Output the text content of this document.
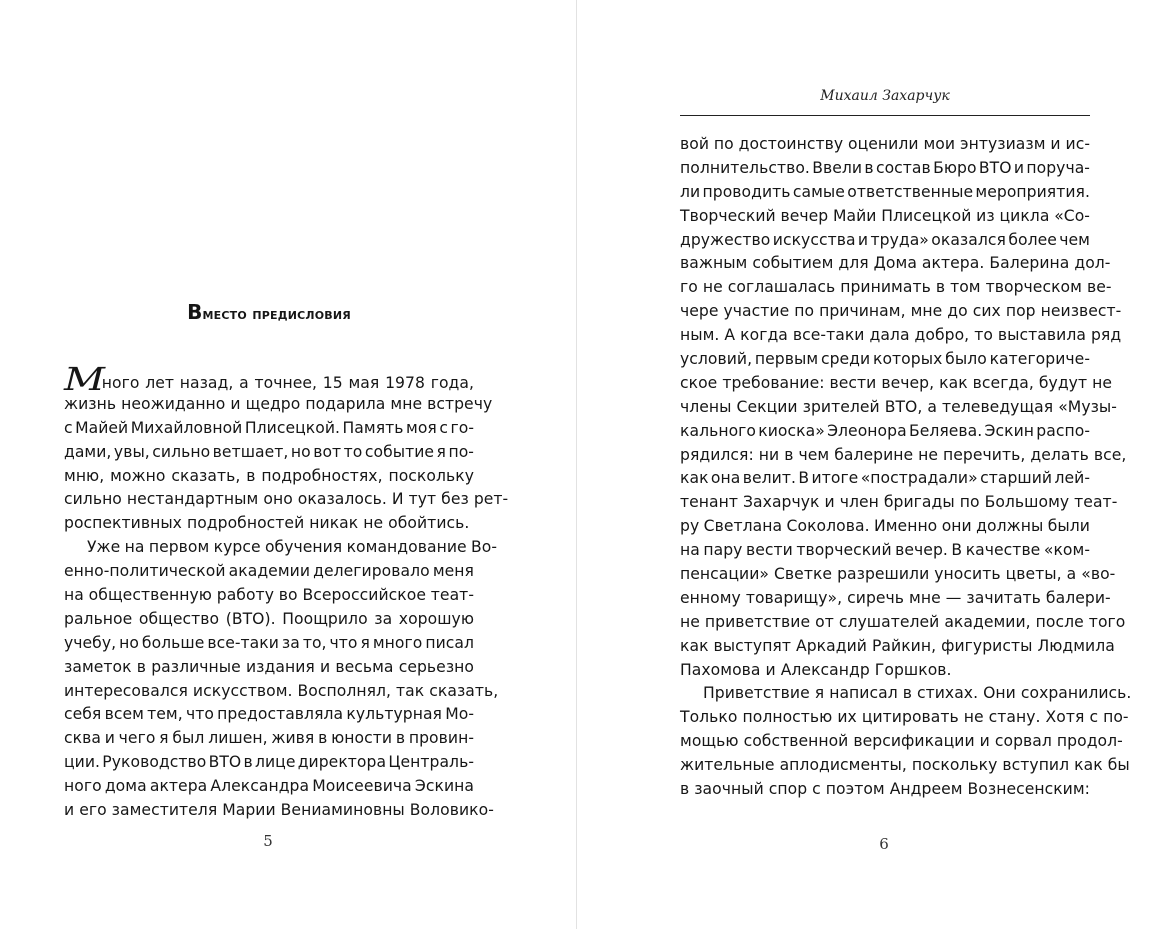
Вместо предисловия
Много лет назад, а точнее, 15 мая 1978 года,
жизнь неожиданно и щедро подарила мне встречу
с Майей Михайловной Плисецкой. Память моя с го-
дами, увы, сильно ветшает, но вот то событие я по-
мню, можно сказать, в подробностях, поскольку
сильно нестандартным оно оказалось. И тут без рет-
роспективных подробностей никак не обойтись.
Уже на первом курсе обучения командование Во-
енно-политической академии делегировало меня
на общественную работу во Всероссийское теат-
ральное общество (ВТО). Поощрило за хорошую
учебу, но больше все-таки за то, что я много писал
заметок в различные издания и весьма серьезно
интересовался искусством. Восполнял, так сказать,
себя всем тем, что предоставляла культурная Мо-
сква и чего я был лишен, живя в юности в провин-
ции. Руководство ВТО в лице директора Централь-
ного дома актера Александра Моисеевича Эскина
и его заместителя Марии Вениаминовны Воловико-
5
Михаил Захарчук
вой по достоинству оценили мои энтузиазм и ис-
полнительство. Ввели в состав Бюро ВТО и поруча-
ли проводить самые ответственные мероприятия.
Творческий вечер Майи Плисецкой из цикла «Со-
дружество искусства и труда» оказался более чем
важным событием для Дома актера. Балерина дол-
го не соглашалась принимать в том творческом ве-
чере участие по причинам, мне до сих пор неизвест-
ным. А когда все-таки дала добро, то выставила ряд
условий, первым среди которых было категориче-
ское требование: вести вечер, как всегда, будут не
члены Секции зрителей ВТО, а телеведущая «Музы-
кального киоска» Элеонора Беляева. Эскин распо-
рядился: ни в чем балерине не перечить, делать все,
как она велит. В итоге «пострадали» старший лей-
тенант Захарчук и член бригады по Большому теат-
ру Светлана Соколова. Именно они должны были
на пару вести творческий вечер. В качестве «ком-
пенсации» Светке разрешили уносить цветы, а «во-
енному товарищу», сиречь мне — зачитать балери-
не приветствие от слушателей академии, после того
как выступят Аркадий Райкин, фигуристы Людмила
Пахомова и Александр Горшков.
Приветствие я написал в стихах. Они сохранились.
Только полностью их цитировать не стану. Хотя с по-
мощью собственной версификации и сорвал продол-
жительные аплодисменты, поскольку вступил как бы
в заочный спор с поэтом Андреем Вознесенским:
6
